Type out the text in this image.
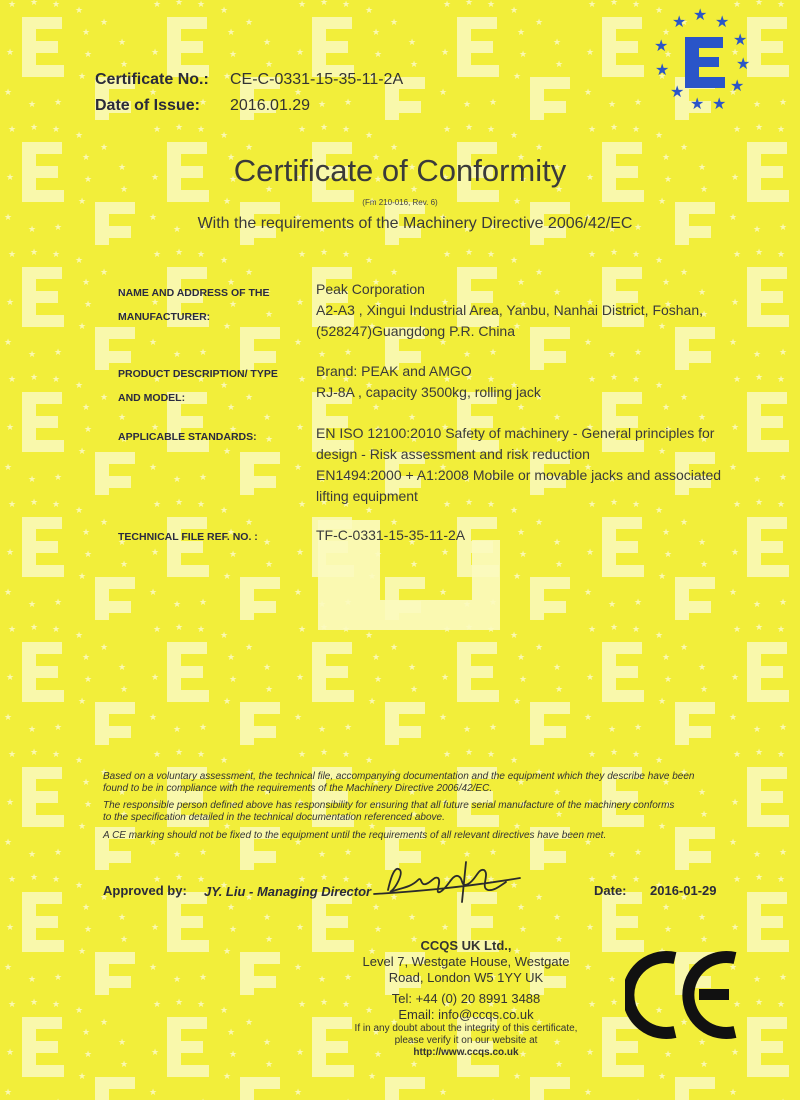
★ ★ ★
★
★
★
★
★
★
★
★
Certificate No.: CE-C-0331-15-35-11-2A
Date of Issue: 2016.01.29
Certificate of Conformity
(Fm 210-016, Rev. 6)
With the requirements of the Machinery Directive 2006/42/EC
NAME AND ADDRESS OF THE
MANUFACTURER:
Peak Corporation
A2-A3 , Xingui Industrial Area, Yanbu, Nanhai District, Foshan,
(528247)Guangdong P.R. China
PRODUCT DESCRIPTION/ TYPE
AND MODEL:
Brand: PEAK and AMGO
RJ-8A , capacity 3500kg, rolling jack
APPLICABLE STANDARDS:	EN ISO 12100:2010 Safety of machinery - General principles for
design - Risk assessment and risk reduction
EN1494:2000 + A1:2008 Mobile or movable jacks and associated
lifting equipment
TECHNICAL FILE REF. NO. :	TF-C-0331-15-35-11-2A
Based on a voluntary assessment, the technical file, accompanying documentation and the equipment which they describe have been
found to be in compliance with the requirements of the Machinery Directive 2006/42/EC.
The responsible person defined above has responsibility for ensuring that all future serial manufacture of the machinery conforms
to the specification detailed in the technical documentation referenced above.
A CE marking should not be fixed to the equipment until the requirements of all relevant directives have been met.
Approved by: JY. Liu - Managing Director	Date: 2016-01-29
CCQS UK Ltd.,
Level 7, Westgate House, Westgate
Road, London W5 1YY UK
Tel: +44 (0) 20 8991 3488
Email: info@ccqs.co.uk
If in any doubt about the integrity of this certificate,
please verify it on our website at
http://www.ccqs.co.uk
